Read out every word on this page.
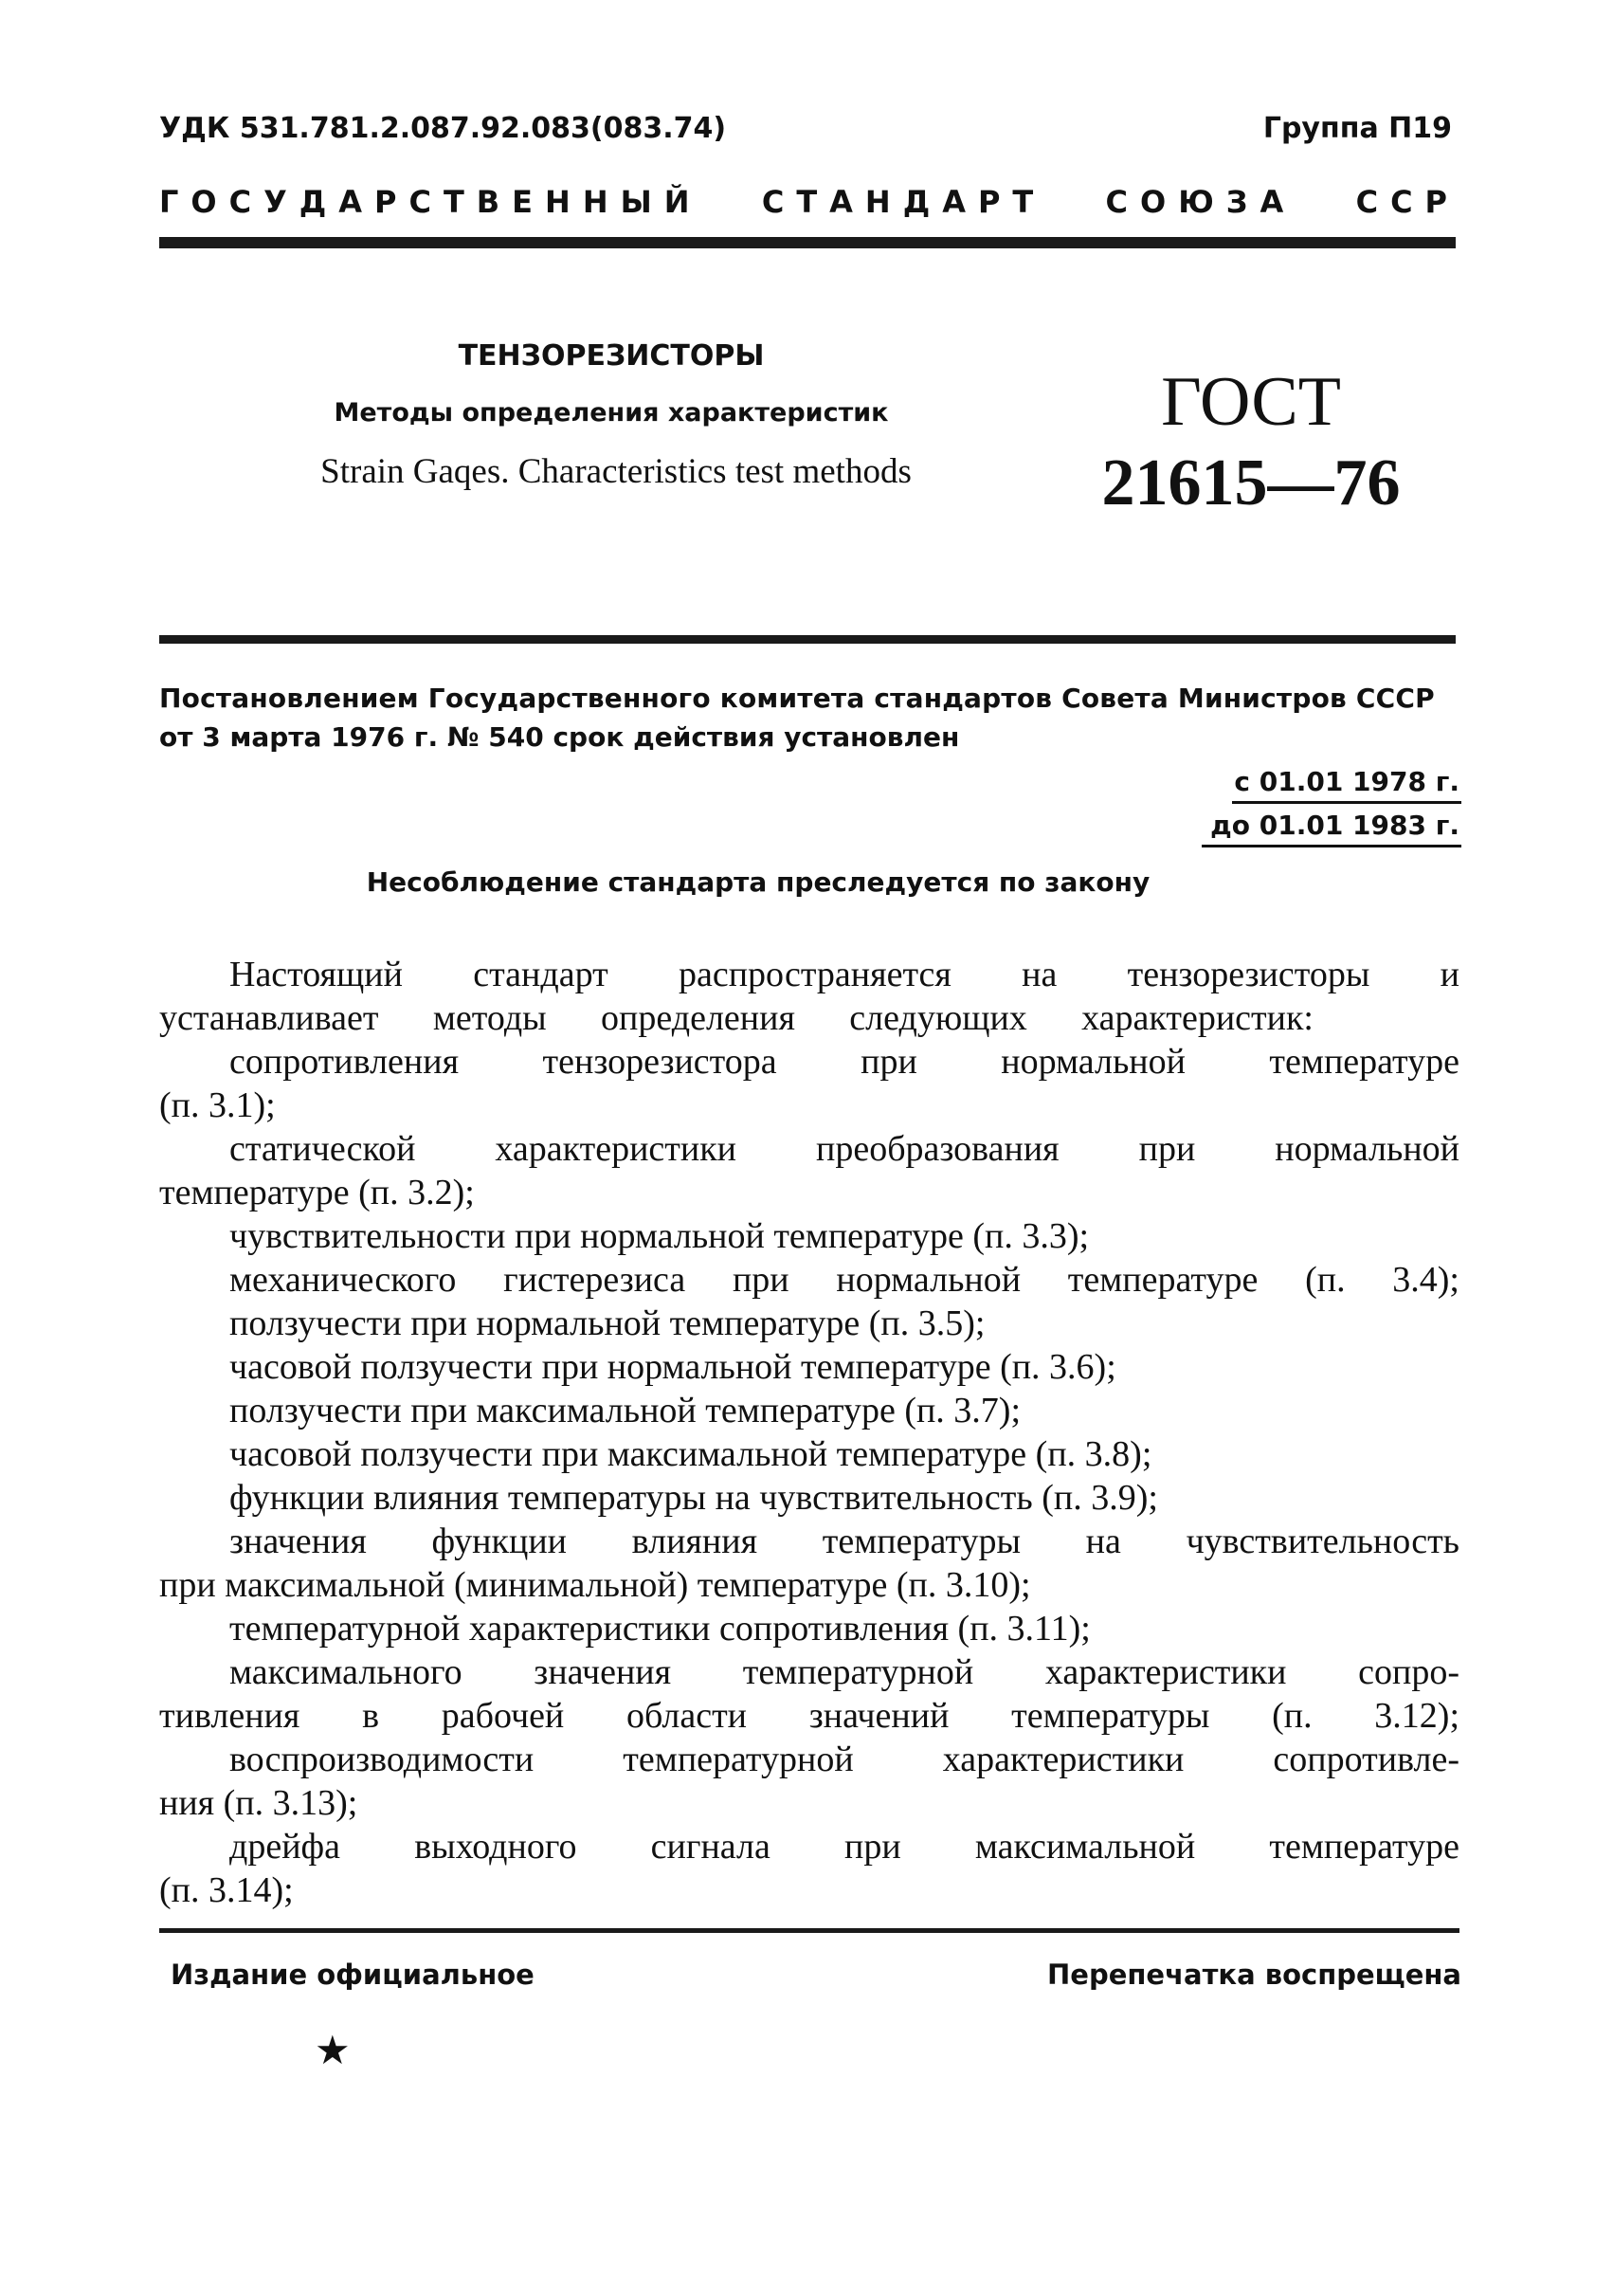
УДК 531.781.2.087.92.083(083.74)	Группа П19
ГОСУДАРСТВЕННЫЙ СТАНДАРТ СОЮЗА ССР
ТЕНЗОРЕЗИСТОРЫ
Методы определения характеристик
Strain Gaqes. Characteristics test methods
ГОСТ
21615—76
Постановлением Государственного комитета стандартов Совета Министров СССР
от 3 марта 1976 г. № 540 срок действия установлен
с 01.01 1978 г.
до 01.01 1983 г.
Несоблюдение стандарта преследуется по закону
Настоящий стандарт распространяется на тензорезисторы и
устанавливает методы определения следующих характеристик:
сопротивления тензорезистора при нормальной температуре
(п. 3.1);
статической характеристики преобразования при нормальной
температуре (п. 3.2);
чувствительности при нормальной температуре (п. 3.3);
механического гистерезиса при нормальной температуре (п. 3.4);
ползучести при нормальной температуре (п. 3.5);
часовой ползучести при нормальной температуре (п. 3.6);
ползучести при максимальной температуре (п. 3.7);
часовой ползучести при максимальной температуре (п. 3.8);
функции влияния температуры на чувствительность (п. 3.9);
значения функции влияния температуры на чувствительность
при максимальной (минимальной) температуре (п. 3.10);
температурной характеристики сопротивления (п. 3.11);
максимального значения температурной характеристики сопро-
тивления в рабочей области значений температуры (п. 3.12);
воспроизводимости температурной характеристики сопротивле-
ния (п. 3.13);
дрейфа выходного сигнала при максимальной температуре
(п. 3.14);
Издание официальное	Перепечатка воспрещена
★
